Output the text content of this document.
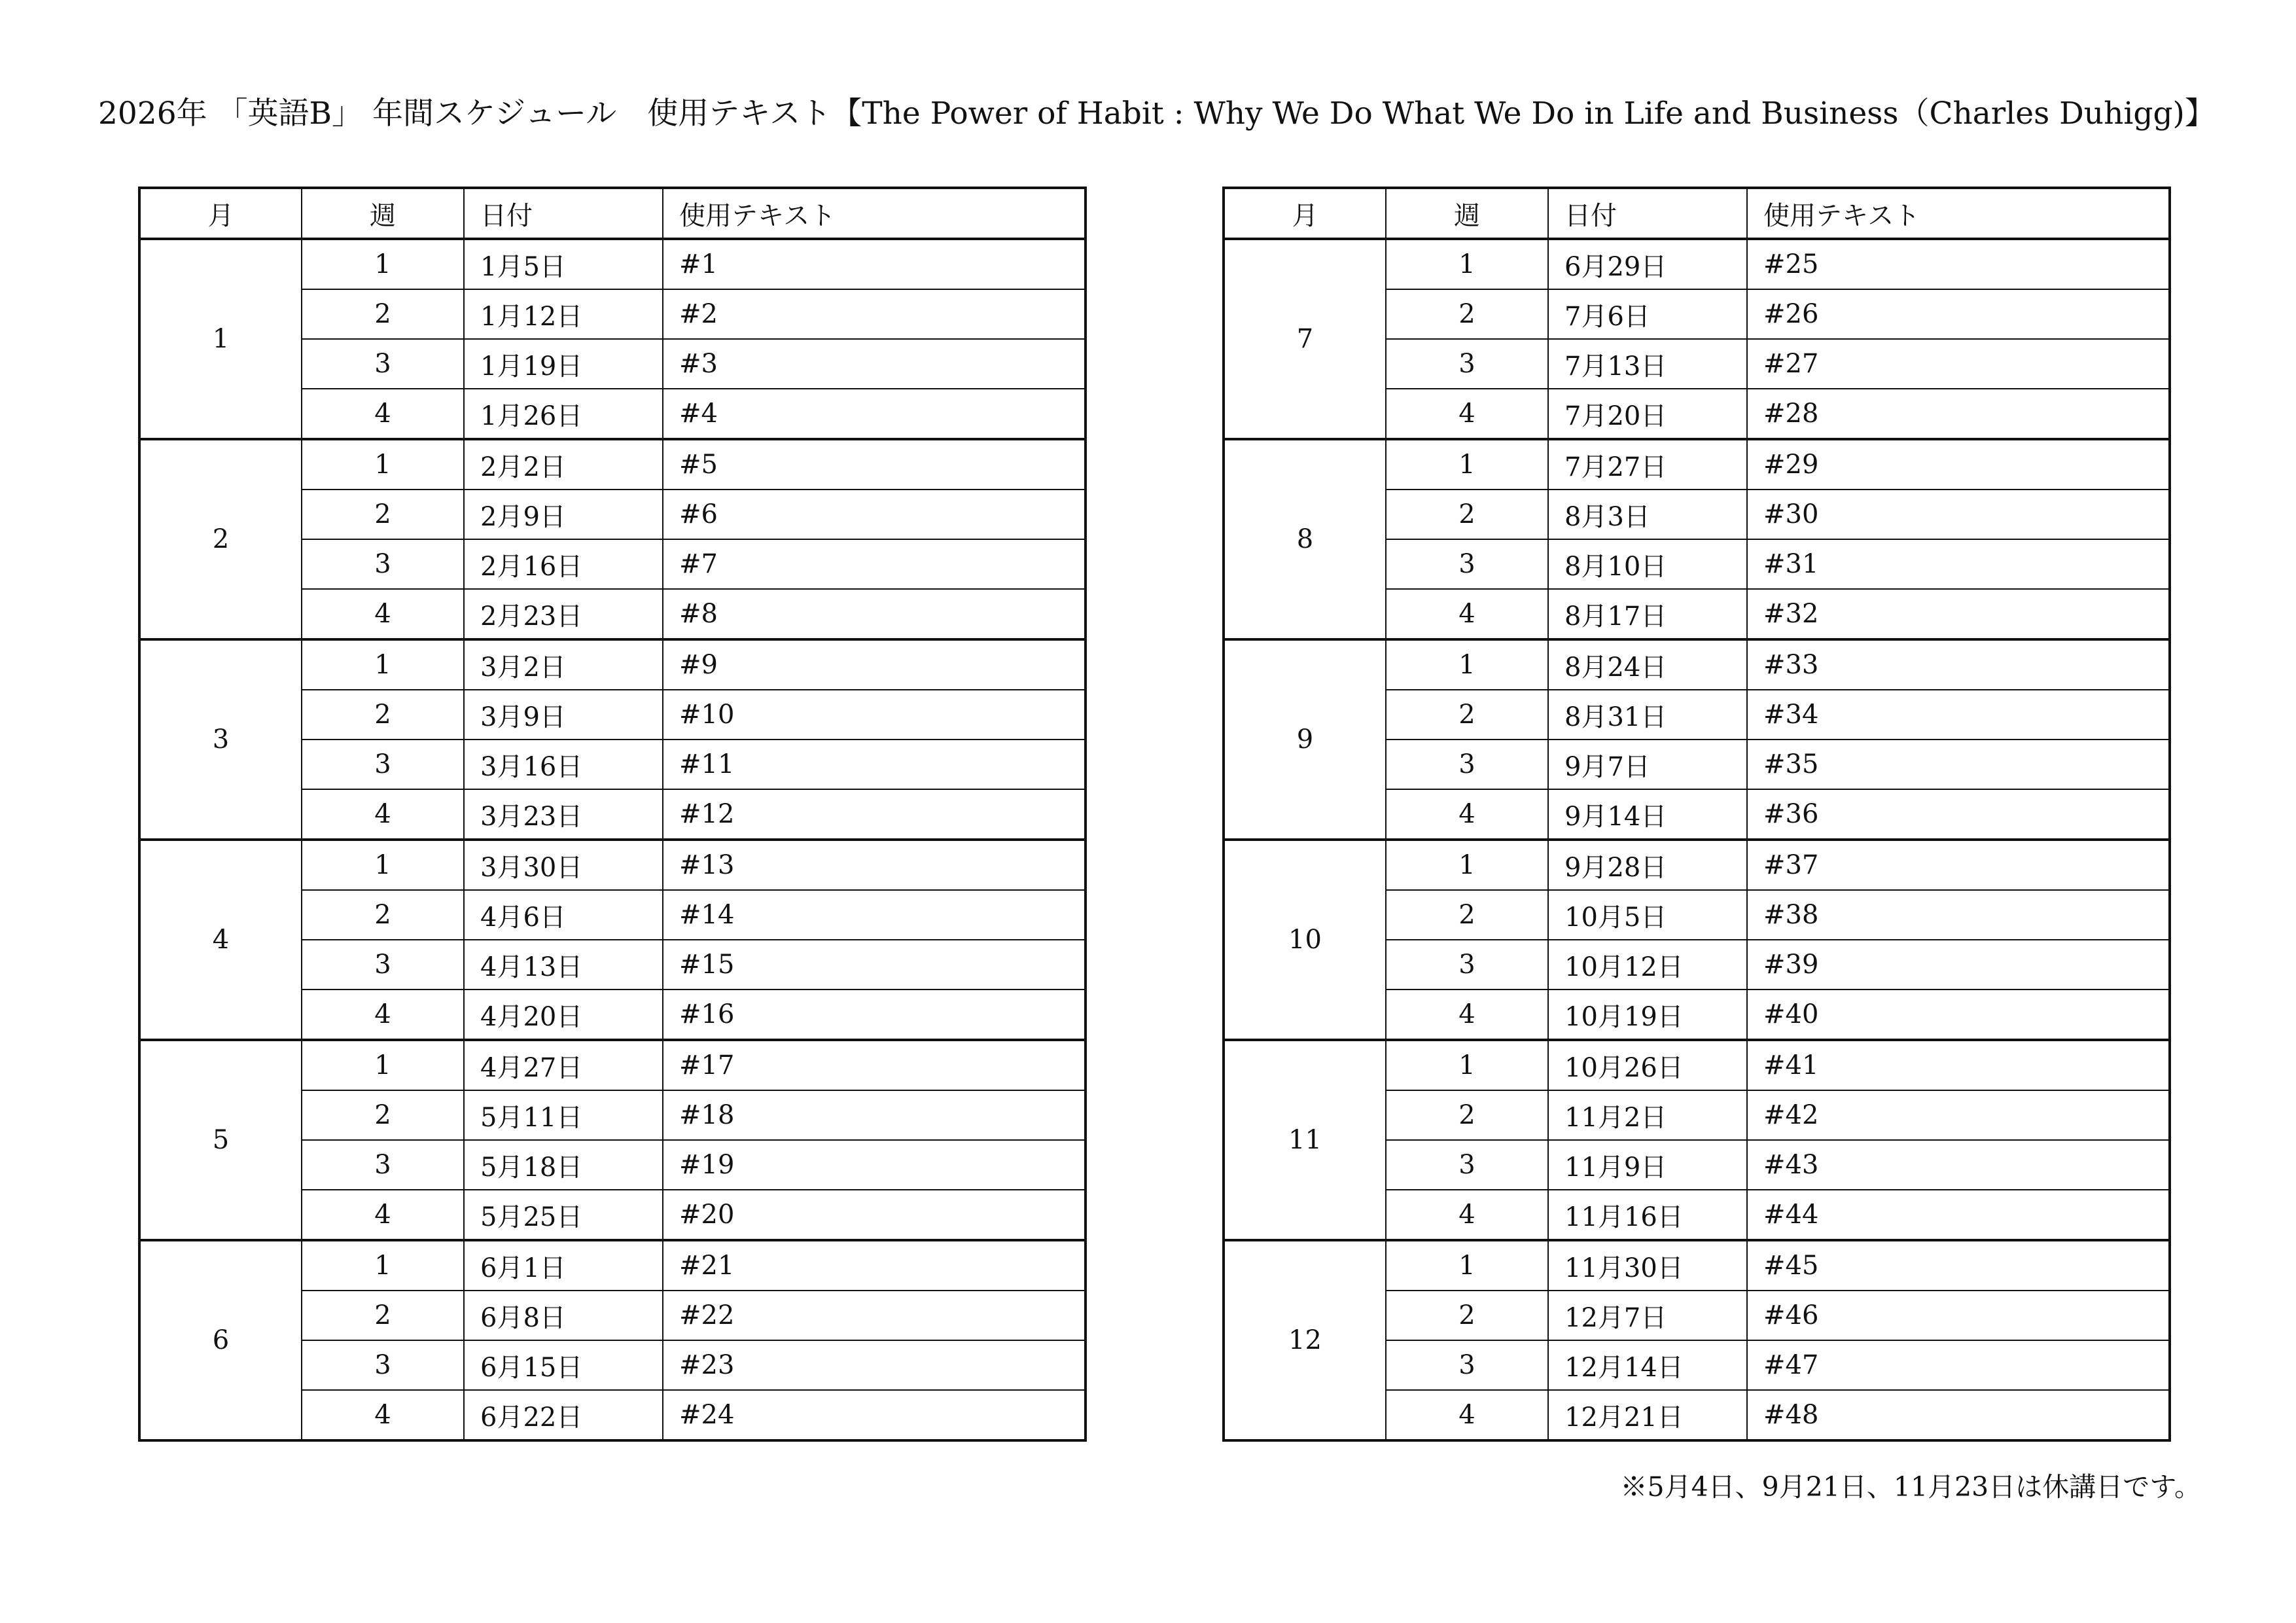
2026年 「英語B」 年間スケジュール　使用テキスト【The Power of Habit : Why We Do What We Do in Life and Business（Charles Duhigg)】
月	週	日付	使用テキスト
1	1	1月5日	#1
	2	1月12日	#2
	3	1月19日	#3
	4	1月26日	#4
2	1	2月2日	#5
	2	2月9日	#6
	3	2月16日	#7
	4	2月23日	#8
3	1	3月2日	#9
	2	3月9日	#10
	3	3月16日	#11
	4	3月23日	#12
4	1	3月30日	#13
	2	4月6日	#14
	3	4月13日	#15
	4	4月20日	#16
5	1	4月27日	#17
	2	5月11日	#18
	3	5月18日	#19
	4	5月25日	#20
6	1	6月1日	#21
	2	6月8日	#22
	3	6月15日	#23
	4	6月22日	#24
月	週	日付	使用テキスト
7	1	6月29日	#25
	2	7月6日	#26
	3	7月13日	#27
	4	7月20日	#28
8	1	7月27日	#29
	2	8月3日	#30
	3	8月10日	#31
	4	8月17日	#32
9	1	8月24日	#33
	2	8月31日	#34
	3	9月7日	#35
	4	9月14日	#36
10	1	9月28日	#37
	2	10月5日	#38
	3	10月12日	#39
	4	10月19日	#40
11	1	10月26日	#41
	2	11月2日	#42
	3	11月9日	#43
	4	11月16日	#44
12	1	11月30日	#45
	2	12月7日	#46
	3	12月14日	#47
	4	12月21日	#48
※5月4日、9月21日、11月23日は休講日です。
